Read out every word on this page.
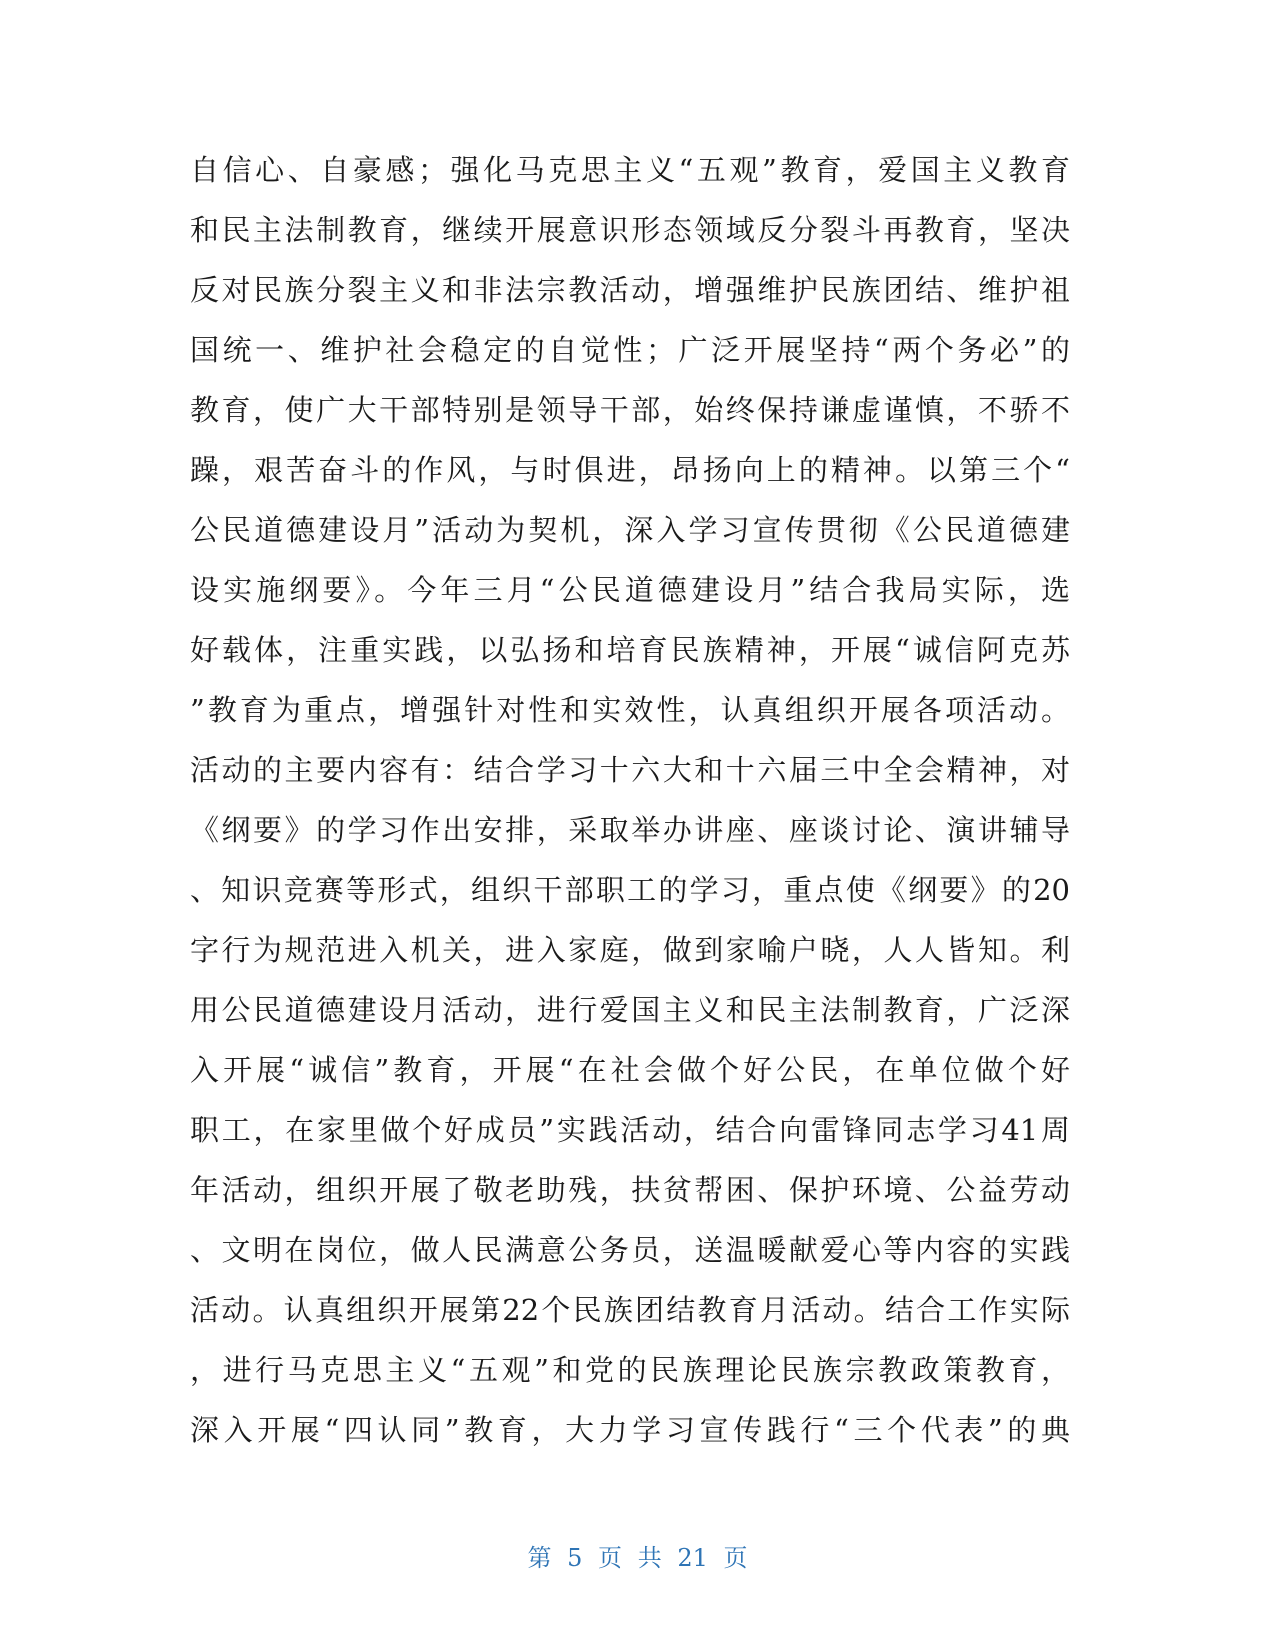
自信心、自豪感；强化马克思主义“五观”教育，爱国主义教育
和民主法制教育，继续开展意识形态领域反分裂斗再教育，坚决
反对民族分裂主义和非法宗教活动，增强维护民族团结、维护祖
国统一、维护社会稳定的自觉性；广泛开展坚持“两个务必”的
教育，使广大干部特别是领导干部，始终保持谦虚谨慎，不骄不
躁，艰苦奋斗的作风，与时俱进，昂扬向上的精神。以第三个“
公民道德建设月”活动为契机，深入学习宣传贯彻《公民道德建
设实施纲要》。今年三月“公民道德建设月”结合我局实际，选
好载体，注重实践，以弘扬和培育民族精神，开展“诚信阿克苏
”教育为重点，增强针对性和实效性，认真组织开展各项活动。
活动的主要内容有：结合学习十六大和十六届三中全会精神，对
《纲要》的学习作出安排，采取举办讲座、座谈讨论、演讲辅导
、知识竞赛等形式，组织干部职工的学习，重点使《纲要》的20
字行为规范进入机关，进入家庭，做到家喻户晓，人人皆知。利
用公民道德建设月活动，进行爱国主义和民主法制教育，广泛深
入开展“诚信”教育，开展“在社会做个好公民，在单位做个好
职工，在家里做个好成员”实践活动，结合向雷锋同志学习41周
年活动，组织开展了敬老助残，扶贫帮困、保护环境、公益劳动
、文明在岗位，做人民满意公务员，送温暖献爱心等内容的实践
活动。认真组织开展第22个民族团结教育月活动。结合工作实际
，进行马克思主义“五观”和党的民族理论民族宗教政策教育，
深入开展“四认同”教育，大力学习宣传践行“三个代表”的典
第 5 页 共 21 页
